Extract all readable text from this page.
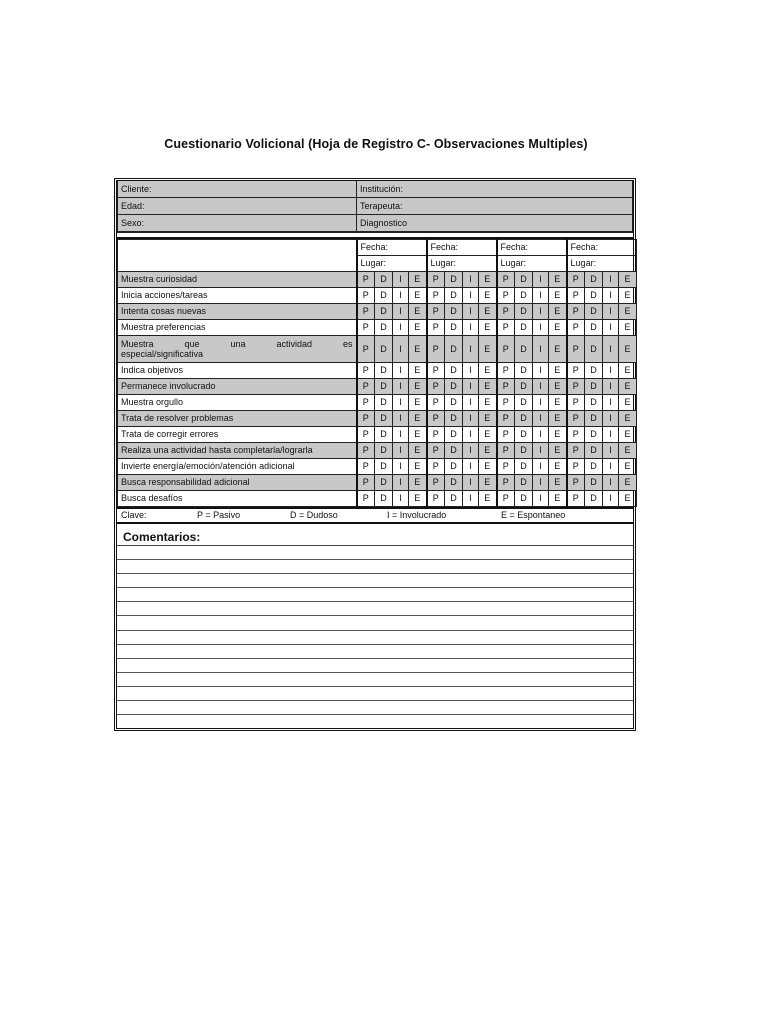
Cuestionario Volicional (Hoja de Registro C- Observaciones Multiples)
Cliente:	Institución:
Edad:	Terapeuta:
Sexo:	Diagnostico
	Fecha:				Fecha:				Fecha:				Fecha:			
	Lugar:				Lugar:				Lugar:				Lugar:			
Muestra curiosidad	P	D	I	E	P	D	I	E	P	D	I	E	P	D	I	E
Inicia acciones/tareas	P	D	I	E	P	D	I	E	P	D	I	E	P	D	I	E
Intenta cosas nuevas	P	D	I	E	P	D	I	E	P	D	I	E	P	D	I	E
Muestra preferencias	P	D	I	E	P	D	I	E	P	D	I	E	P	D	I	E

Muestra que una actividad es
especial/significativa	P	D	I	E	P	D	I	E	P	D	I	E	P	D	I	E
Indica objetivos	P	D	I	E	P	D	I	E	P	D	I	E	P	D	I	E
Permanece involucrado	P	D	I	E	P	D	I	E	P	D	I	E	P	D	I	E
Muestra orgullo	P	D	I	E	P	D	I	E	P	D	I	E	P	D	I	E
Trata de resolver problemas	P	D	I	E	P	D	I	E	P	D	I	E	P	D	I	E
Trata de corregir errores	P	D	I	E	P	D	I	E	P	D	I	E	P	D	I	E
Realiza una actividad hasta completarla/lograrla	P	D	I	E	P	D	I	E	P	D	I	E	P	D	I	E
Invierte energía/emoción/atención adicional	P	D	I	E	P	D	I	E	P	D	I	E	P	D	I	E
Busca responsabilidad adicional	P	D	I	E	P	D	I	E	P	D	I	E	P	D	I	E
Busca desafíos	P	D	I	E	P	D	I	E	P	D	I	E	P	D	I	E
Clave:	P = Pasivo	D = Dudoso	I = Involucrado	E = Espontaneo
Comentarios:
